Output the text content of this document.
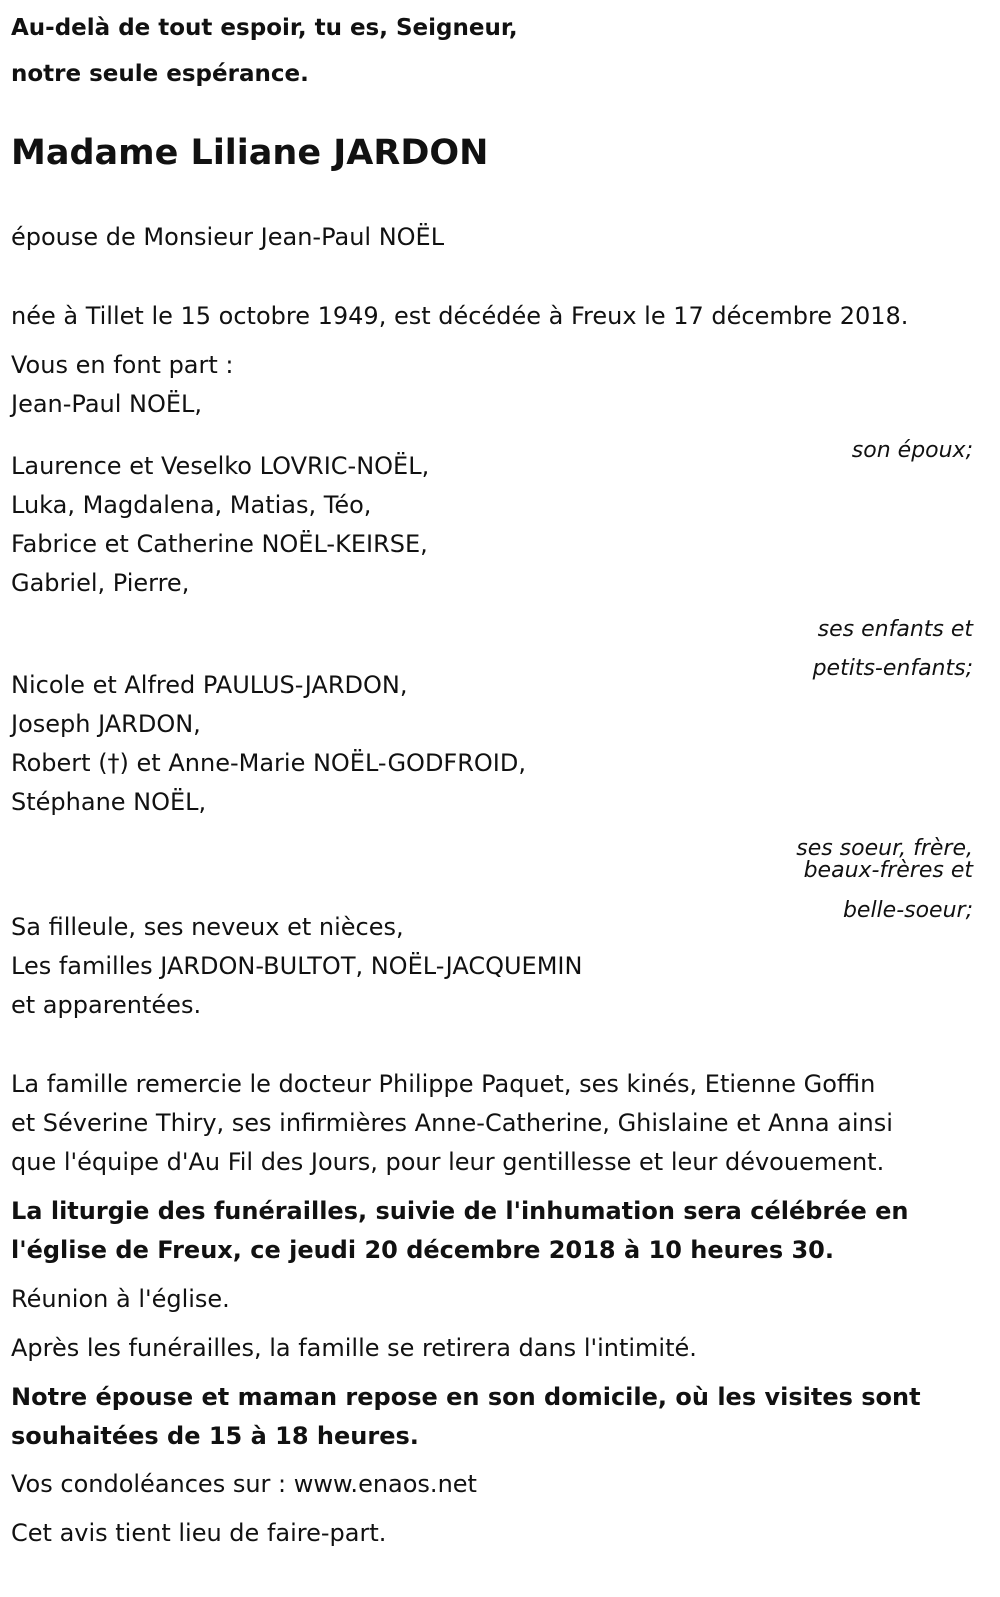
Au-delà de tout espoir, tu es, Seigneur,

notre seule espérance.

Madame Liliane JARDON

épouse de Monsieur Jean-Paul NOËL

née à Tillet le 15 octobre 1949, est décédée à Freux le 17 décembre 2018.

Vous en font part :

Jean-Paul NOËL,

son époux;

Laurence et Veselko LOVRIC-NOËL,

Luka, Magdalena, Matias, Téo,

Fabrice et Catherine NOËL-KEIRSE,

Gabriel, Pierre,

ses enfants et

petits-enfants;

Nicole et Alfred PAULUS-JARDON,

Joseph JARDON,

Robert (†) et Anne-Marie NOËL-GODFROID,

Stéphane NOËL,

ses soeur, frère,

beaux-frères et

belle-soeur;

Sa filleule, ses neveux et nièces,

Les familles JARDON-BULTOT, NOËL-JACQUEMIN

et apparentées.

La famille remercie le docteur Philippe Paquet, ses kinés, Etienne Goffin

et Séverine Thiry, ses infirmières Anne-Catherine, Ghislaine et Anna ainsi

que l'équipe d'Au Fil des Jours, pour leur gentillesse et leur dévouement.

La liturgie des funérailles, suivie de l'inhumation sera célébrée en

l'église de Freux, ce jeudi 20 décembre 2018 à 10 heures 30.

Réunion à l'église.

Après les funérailles, la famille se retirera dans l'intimité.

Notre épouse et maman repose en son domicile, où les visites sont

souhaitées de 15 à 18 heures.

Vos condoléances sur : www.enaos.net

Cet avis tient lieu de faire-part.
